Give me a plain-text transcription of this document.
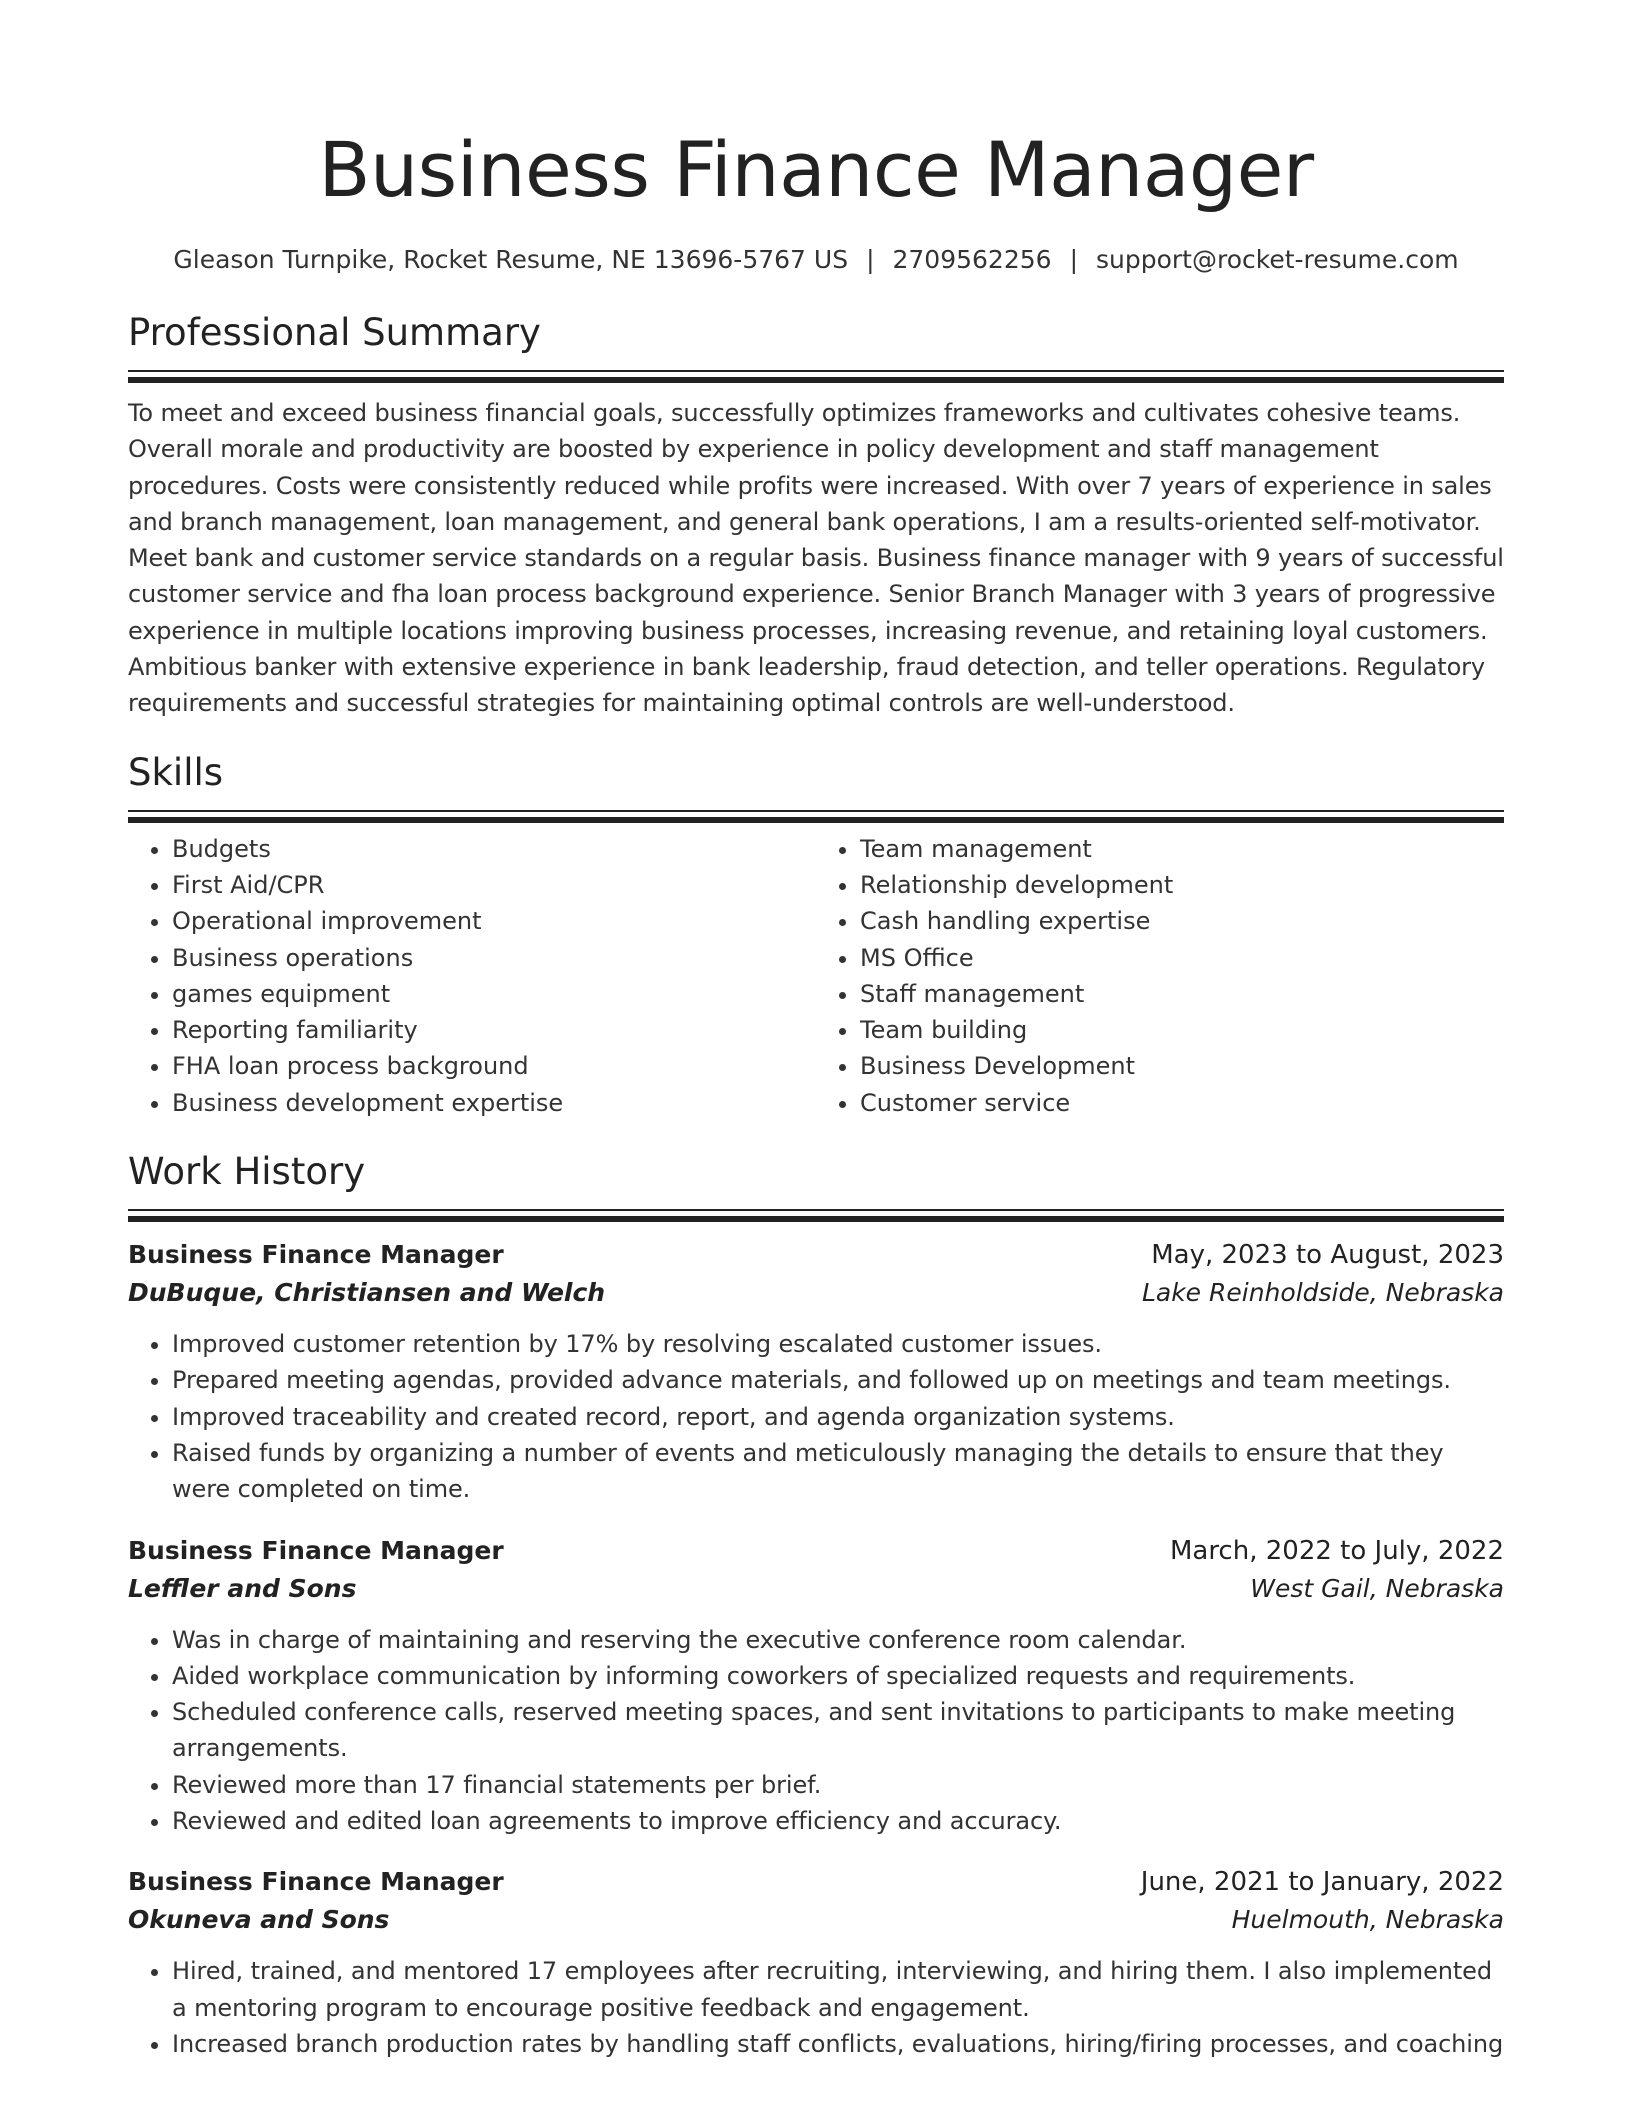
Business Finance Manager
Gleason Turnpike, Rocket Resume, NE 13696-5767 US | 2709562256 | support@rocket-resume.com
Professional Summary
To meet and exceed business financial goals, successfully optimizes frameworks and cultivates cohesive teams. Overall morale and productivity are boosted by experience in policy development and staff management procedures. Costs were consistently reduced while profits were increased. With over 7 years of experience in sales and branch management, loan management, and general bank operations, I am a results-oriented self-motivator. Meet bank and customer service standards on a regular basis. Business finance manager with 9 years of successful customer service and fha loan process background experience. Senior Branch Manager with 3 years of progressive experience in multiple locations improving business processes, increasing revenue, and retaining loyal customers. Ambitious banker with extensive experience in bank leadership, fraud detection, and teller operations. Regulatory requirements and successful strategies for maintaining optimal controls are well-understood.
Skills
• Budgets
• First Aid/CPR
• Operational improvement
• Business operations
• games equipment
• Reporting familiarity
• FHA loan process background
• Business development expertise
• Team management
• Relationship development
• Cash handling expertise
• MS Office
• Staff management
• Team building
• Business Development
• Customer service
Work History
Business Finance Manager	May, 2023 to August, 2023
DuBuque, Christiansen and Welch	Lake Reinholdside, Nebraska
• Improved customer retention by 17% by resolving escalated customer issues.
• Prepared meeting agendas, provided advance materials, and followed up on meetings and team meetings.
• Improved traceability and created record, report, and agenda organization systems.
• Raised funds by organizing a number of events and meticulously managing the details to ensure that they were completed on time.
Business Finance Manager	March, 2022 to July, 2022
Leffler and Sons	West Gail, Nebraska
• Was in charge of maintaining and reserving the executive conference room calendar.
• Aided workplace communication by informing coworkers of specialized requests and requirements.
• Scheduled conference calls, reserved meeting spaces, and sent invitations to participants to make meeting arrangements.
• Reviewed more than 17 financial statements per brief.
• Reviewed and edited loan agreements to improve efficiency and accuracy.
Business Finance Manager	June, 2021 to January, 2022
Okuneva and Sons	Huelmouth, Nebraska
• Hired, trained, and mentored 17 employees after recruiting, interviewing, and hiring them. I also implemented a mentoring program to encourage positive feedback and engagement.
• Increased branch production rates by handling staff conflicts, evaluations, hiring/firing processes, and coaching
